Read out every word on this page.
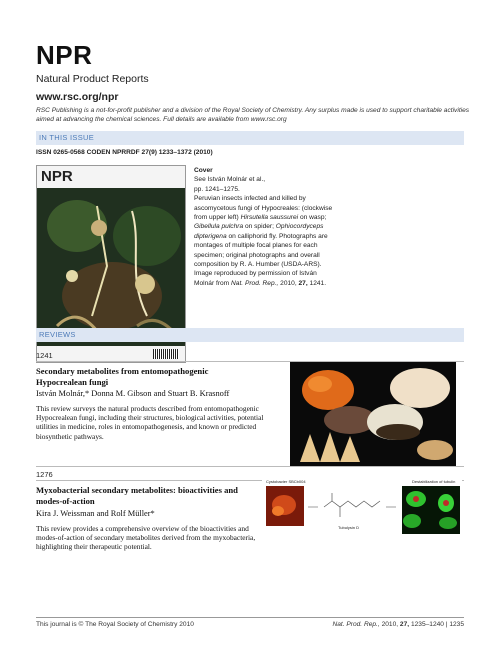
NPR
Natural Product Reports
www.rsc.org/npr
RSC Publishing is a not-for-profit publisher and a division of the Royal Society of Chemistry. Any surplus made is used to support charitable activities aimed at advancing the chemical sciences. Full details are available from www.rsc.org
IN THIS ISSUE
ISSN 0265-0568 CODEN NPRRDF 27(9) 1233–1372 (2010)
NPR	Cover
See István Molnár et al.,
pp. 1241–1275.
Peruvian insects infected and killed by ascomycetous fungi of Hypocreales: (clockwise from upper left) Hirsutella saussurei on wasp; Gibellula pulchra on spider; Ophiocordyceps dipterigena on calliphorid fly. Photographs are montages of multiple focal planes for each specimen; original photographs and overall composition by R. A. Humber (USDA-ARS). Image reproduced by permission of István Molnár from Nat. Prod. Rep., 2010, 27, 1241.
REVIEWS
1241
Secondary metabolites from entomopathogenic Hypocrealean fungi
István Molnár,* Donna M. Gibson and Stuart B. Krasnoff
This review surveys the natural products described from entomopathogenic Hypocrealean fungi, including their structures, biological activities, potential utilities in medicine, roles in entomopathogenesis, and known or predicted biosynthetic pathways.
1276
Myxobacterial secondary metabolites: bioactivities and modes-of-action
Kira J. Weissman and Rolf Müller*
This review provides a comprehensive overview of the bioactivities and modes-of-action of secondary metabolites derived from the myxobacteria, highlighting their therapeutic potential.
Cystobacter SBCb004	Destabilization of tubulin
Tubulysin D
This journal is © The Royal Society of Chemistry 2010	Nat. Prod. Rep., 2010, 27, 1235–1240 | 1235
